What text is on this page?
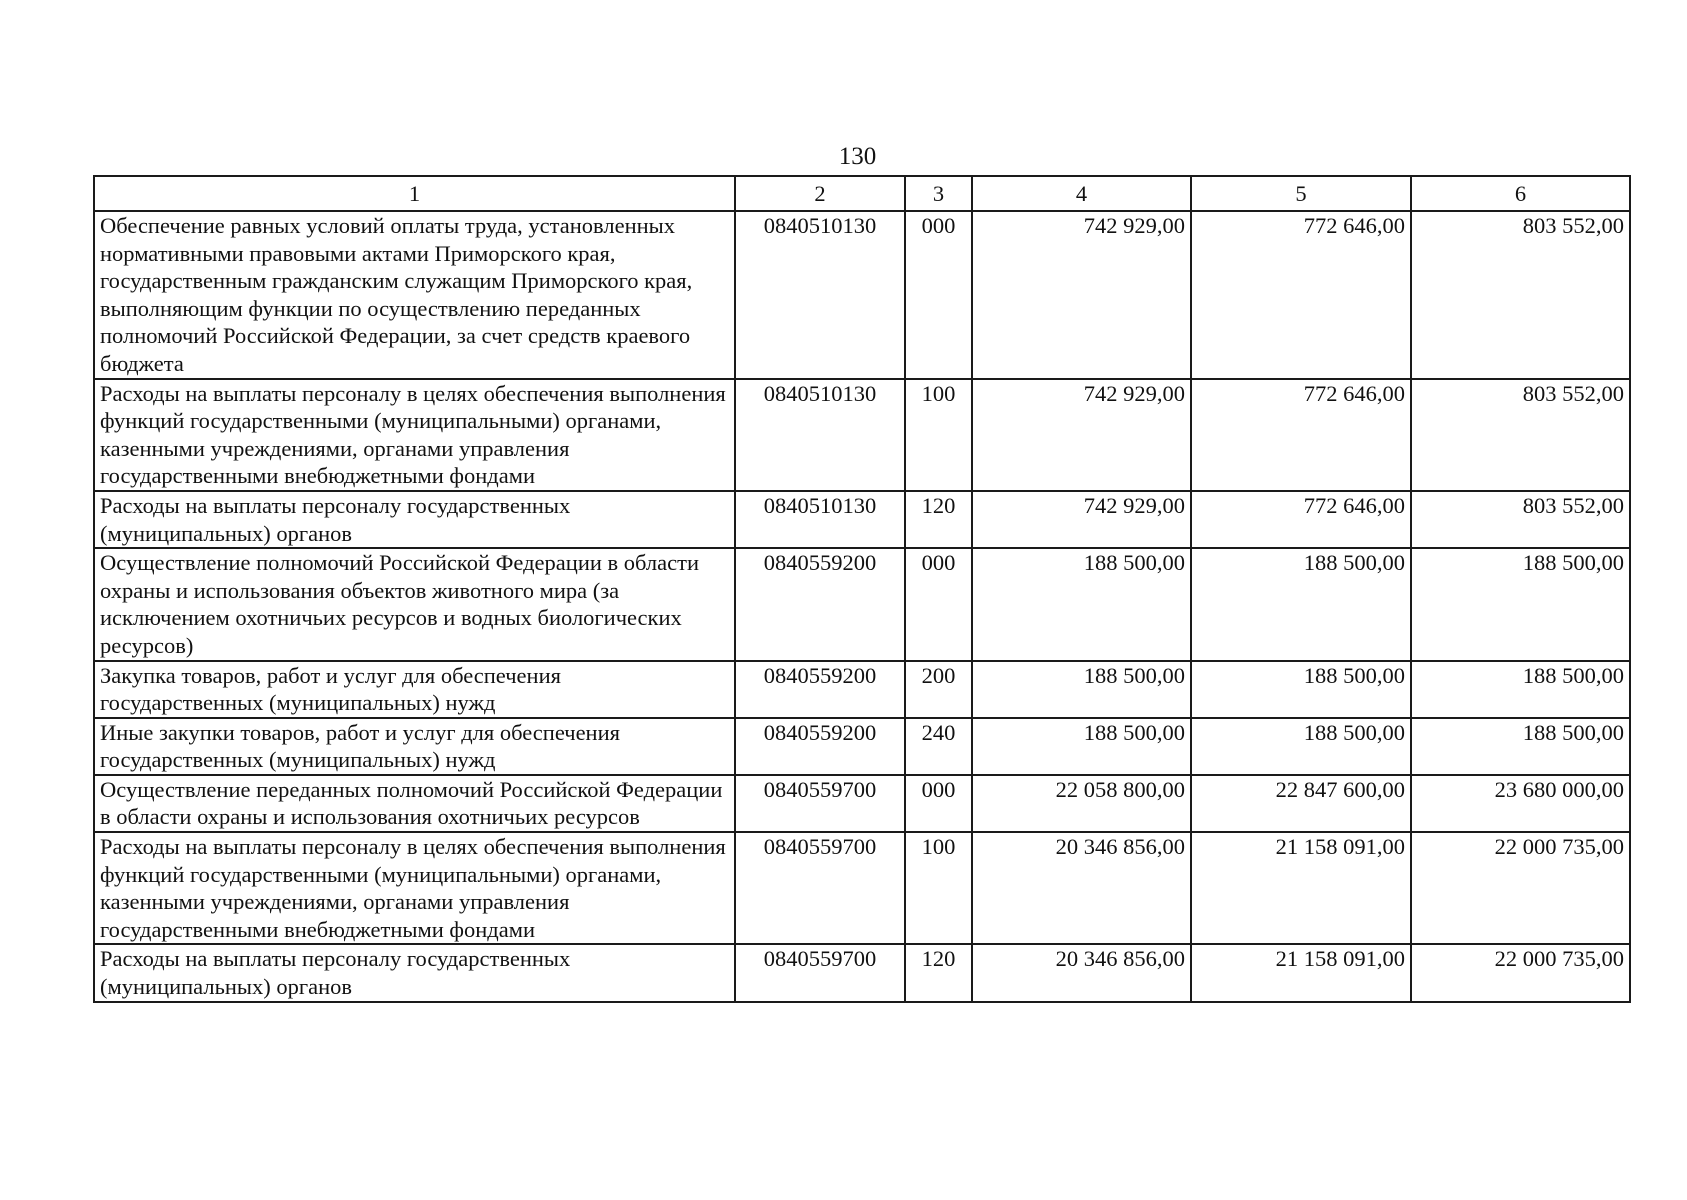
130
1	2	3	4	5	6
Обеспечение равных условий оплаты труда, установленных нормативными правовыми актами Приморского края, государственным гражданским служащим Приморского края, выполняющим функции по осуществлению переданных полномочий Российской Федерации, за счет средств краевого бюджета	0840510130	000	742 929,00	772 646,00	803 552,00
Расходы на выплаты персоналу в целях обеспечения выполнения функций государственными (муниципальными) органами, казенными учреждениями, органами управления государственными внебюджетными фондами	0840510130	100	742 929,00	772 646,00	803 552,00
Расходы на выплаты персоналу государственных (муниципальных) органов	0840510130	120	742 929,00	772 646,00	803 552,00
Осуществление полномочий Российской Федерации в области охраны и использования объектов животного мира (за исключением охотничьих ресурсов и водных биологических ресурсов)	0840559200	000	188 500,00	188 500,00	188 500,00
Закупка товаров, работ и услуг для обеспечения государственных (муниципальных) нужд	0840559200	200	188 500,00	188 500,00	188 500,00
Иные закупки товаров, работ и услуг для обеспечения государственных (муниципальных) нужд	0840559200	240	188 500,00	188 500,00	188 500,00
Осуществление переданных полномочий Российской Федерации в области охраны и использования охотничьих ресурсов	0840559700	000	22 058 800,00	22 847 600,00	23 680 000,00
Расходы на выплаты персоналу в целях обеспечения выполнения функций государственными (муниципальными) органами, казенными учреждениями, органами управления государственными внебюджетными фондами	0840559700	100	20 346 856,00	21 158 091,00	22 000 735,00
Расходы на выплаты персоналу государственных (муниципальных) органов	0840559700	120	20 346 856,00	21 158 091,00	22 000 735,00
